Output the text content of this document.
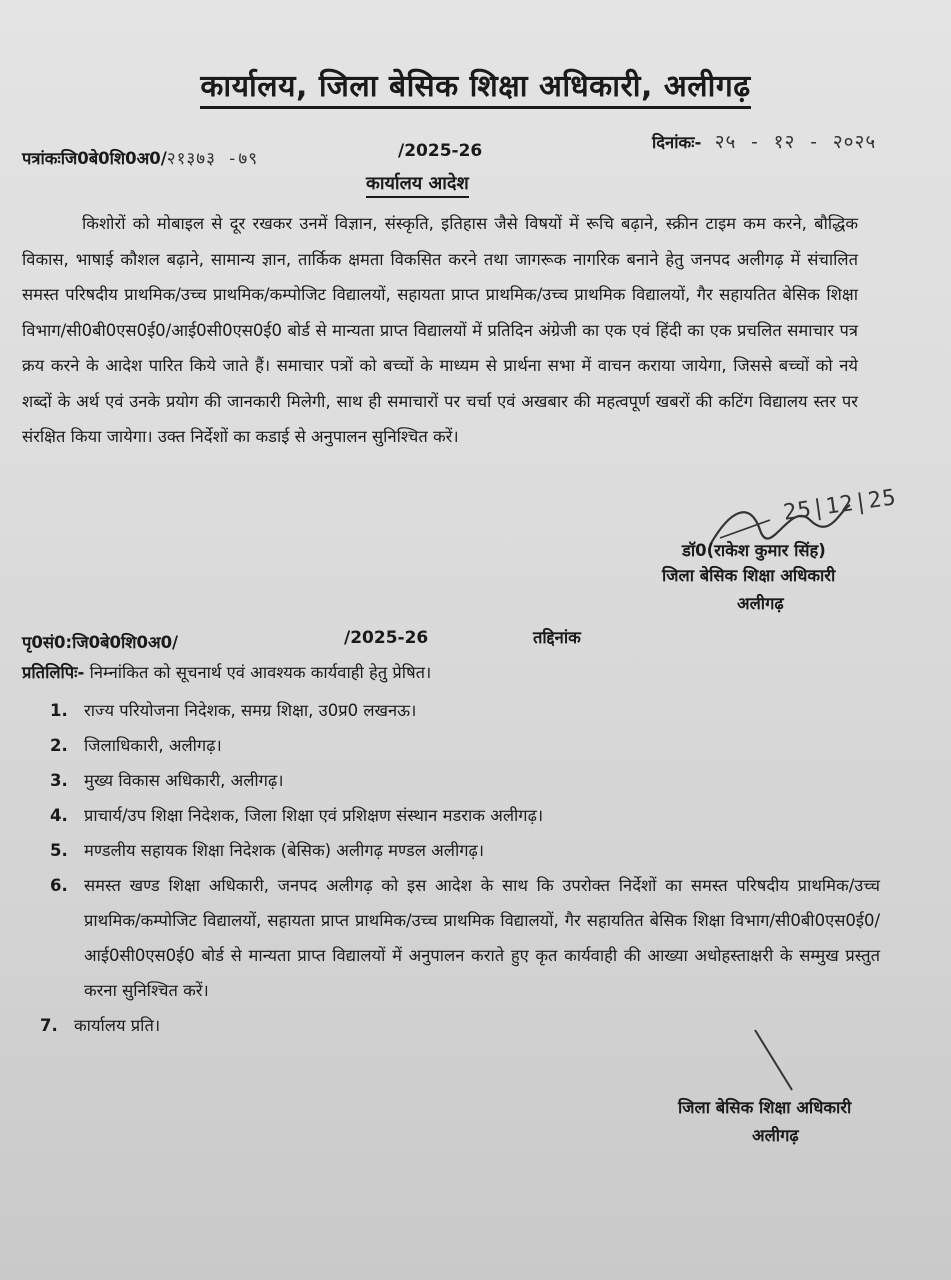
कार्यालय, जिला बेसिक शिक्षा अधिकारी, अलीगढ़
पत्रांकःजि0बे0शि0अ0/२१३७३ -७९	/2025-26	दिनांकः- २५ - १२ - २०२५
कार्यालय आदेश
किशोरों को मोबाइल से दूर रखकर उनमें विज्ञान, संस्कृति, इतिहास जैसे विषयों में रूचि बढ़ाने, स्क्रीन टाइम कम करने, बौद्धिक विकास, भाषाई कौशल बढ़ाने, सामान्य ज्ञान, तार्किक क्षमता विकसित करने तथा जागरूक नागरिक बनाने हेतु जनपद अलीगढ़ में संचालित समस्त परिषदीय प्राथमिक/उच्च प्राथमिक/कम्पोजिट विद्यालयों, सहायता प्राप्त प्राथमिक/उच्च प्राथमिक विद्यालयों, गैर सहायतित बेसिक शिक्षा विभाग/सी0बी0एस0ई0/आई0सी0एस0ई0 बोर्ड से मान्यता प्राप्त विद्यालयों में प्रतिदिन अंग्रेजी का एक एवं हिंदी का एक प्रचलित समाचार पत्र क्रय करने के आदेश पारित किये जाते हैं। समाचार पत्रों को बच्चों के माध्यम से प्रार्थना सभा में वाचन कराया जायेगा, जिससे बच्चों को नये शब्दों के अर्थ एवं उनके प्रयोग की जानकारी मिलेगी, साथ ही समाचारों पर चर्चा एवं अखबार की महत्वपूर्ण खबरों की कटिंग विद्यालय स्तर पर संरक्षित किया जायेगा। उक्त निर्देशों का कडाई से अनुपालन सुनिश्चित करें।
25|12|25
डॉ0(राकेश कुमार सिंह)
जिला बेसिक शिक्षा अधिकारी
अलीगढ़
पृ0सं0:जि0बे0शि0अ0/	/2025-26	तद्दिनांक
प्रतिलिपिः- निम्नांकित को सूचनार्थ एवं आवश्यक कार्यवाही हेतु प्रेषित।
1. राज्य परियोजना निदेशक, समग्र शिक्षा, उ0प्र0 लखनऊ।
2. जिलाधिकारी, अलीगढ़।
3. मुख्य विकास अधिकारी, अलीगढ़।
4. प्राचार्य/उप शिक्षा निदेशक, जिला शिक्षा एवं प्रशिक्षण संस्थान मडराक अलीगढ़।
5. मण्डलीय सहायक शिक्षा निदेशक (बेसिक) अलीगढ़ मण्डल अलीगढ़।
6. समस्त खण्ड शिक्षा अधिकारी, जनपद अलीगढ़ को इस आदेश के साथ कि उपरोक्त निर्देशों का समस्त परिषदीय प्राथमिक/उच्च प्राथमिक/कम्पोजिट विद्यालयों, सहायता प्राप्त प्राथमिक/उच्च प्राथमिक विद्यालयों, गैर सहायतित बेसिक शिक्षा विभाग/सी0बी0एस0ई0/आई0सी0एस0ई0 बोर्ड से मान्यता प्राप्त विद्यालयों में अनुपालन कराते हुए कृत कार्यवाही की आख्या अधोहस्ताक्षरी के सम्मुख प्रस्तुत करना सुनिश्चित करें।
7. कार्यालय प्रति।
जिला बेसिक शिक्षा अधिकारी
अलीगढ़
